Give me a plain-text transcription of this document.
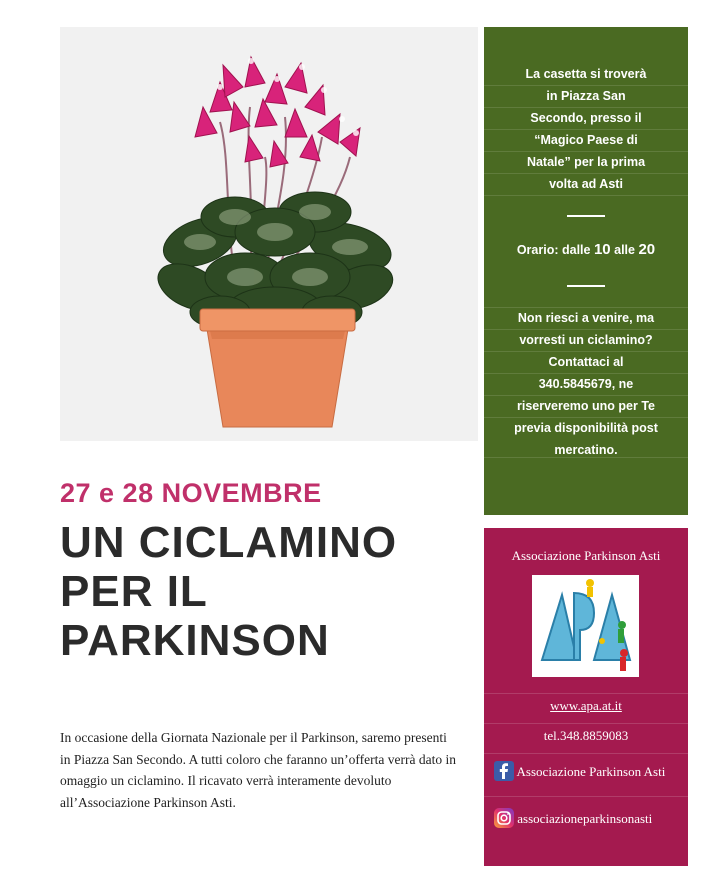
La casetta si troverà
in Piazza San
Secondo, presso il
“Magico Paese di
Natale” per la prima
volta ad Asti
Orario: dalle 10 alle 20
Non riesci a venire, ma
vorresti un ciclamino?
Contattaci al
340.5845679, ne
riserveremo uno per Te
previa disponibilità post
mercatino.
Associazione Parkinson Asti
www.apa.at.it
tel.348.8859083
Associazione Parkinson Asti
associazioneparkinsonasti
27 e 28 NOVEMBRE
UN CICLAMINO
PER IL
PARKINSON
In occasione della Giornata Nazionale per il Parkinson, saremo presenti in Piazza San Secondo. A tutti coloro che faranno un’offerta verrà dato in omaggio un ciclamino. Il ricavato verrà interamente devoluto all’Associazione Parkinson Asti.
